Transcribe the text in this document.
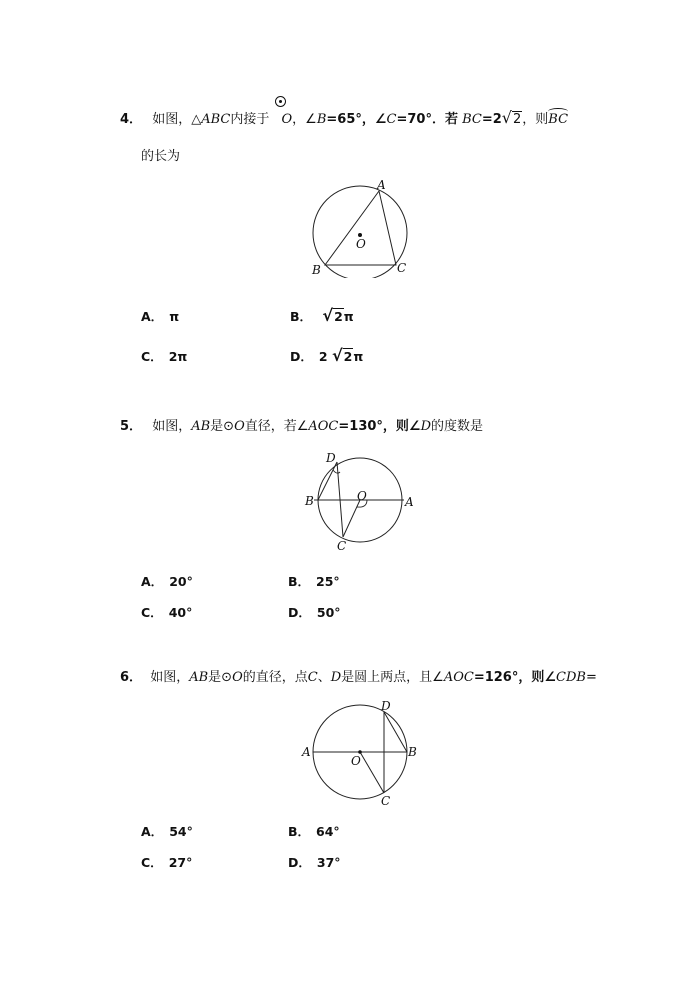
4． 如图，△ABC内接于 O，∠B=65°，∠C=70°．若 BC=2√2，则BC
的长为
A
O
B	C
A． π	B． √2π
C． 2π	D． 2 √2π
5． 如图，AB是⊙O直径，若∠AOC=130°，则∠D的度数是
D
B	O	A
C
A． 20°	B． 25°
C． 40°	D． 50°
6． 如图，AB是⊙O的直径，点C、D是圆上两点，且∠AOC=126°，则∠CDB=
D
A	B
O
C
A． 54°	B． 64°
C． 27°	D． 37°
